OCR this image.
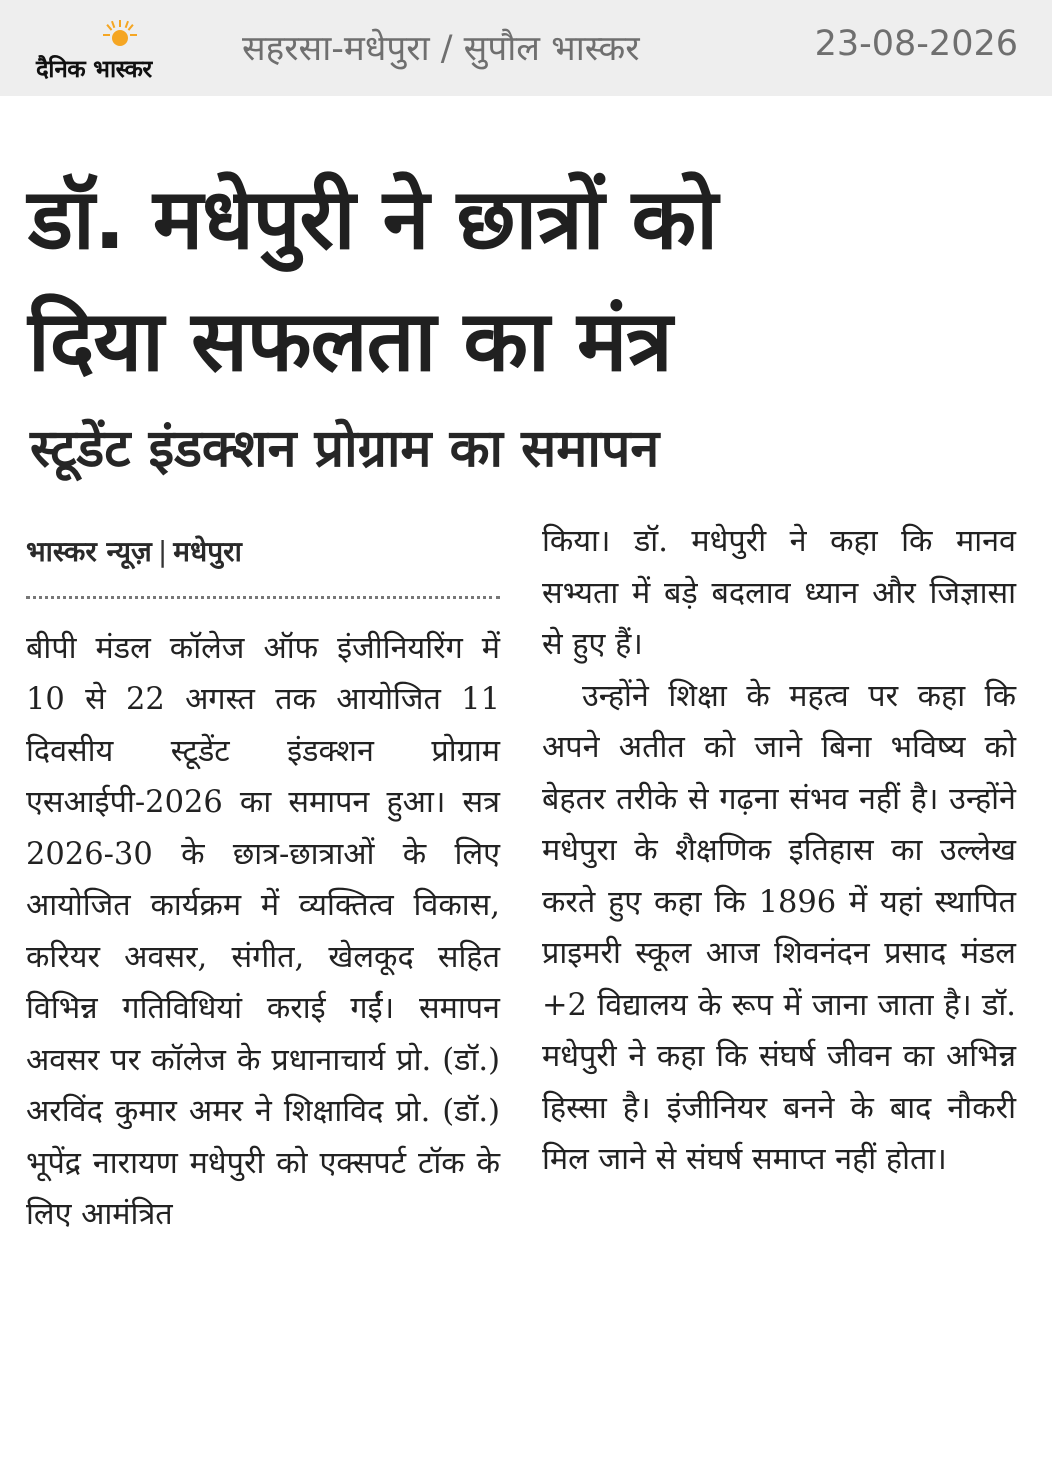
दैनिक भास्कर	सहरसा-मधेपुरा / सुपौल भास्कर	23-08-2026
डॉ. मधेपुरी ने छात्रों को
दिया सफलता का मंत्र
स्टूडेंट इंडक्शन प्रोग्राम का समापन
भास्कर न्यूज़ | मधेपुरा

बीपी मंडल कॉलेज ऑफ इंजीनियरिंग में 10 से 22 अगस्त तक आयोजित 11 दिवसीय स्टूडेंट इंडक्शन प्रोग्राम एसआईपी-2026 का समापन हुआ। सत्र 2026-30 के छात्र-छात्राओं के लिए आयोजित कार्यक्रम में व्यक्तित्व विकास, करियर अवसर, संगीत, खेलकूद सहित विभिन्न गतिविधियां कराई गईं। समापन अवसर पर कॉलेज के प्रधानाचार्य प्रो. (डॉ.) अरविंद कुमार अमर ने शिक्षाविद प्रो. (डॉ.) भूपेंद्र नारायण मधेपुरी को एक्सपर्ट टॉक के लिए आमंत्रित

किया। डॉ. मधेपुरी ने कहा कि मानव सभ्यता में बड़े बदलाव ध्यान और जिज्ञासा से हुए हैं।

उन्होंने शिक्षा के महत्व पर कहा कि अपने अतीत को जाने बिना भविष्य को बेहतर तरीके से गढ़ना संभव नहीं है। उन्होंने मधेपुरा के शैक्षणिक इतिहास का उल्लेख करते हुए कहा कि 1896 में यहां स्थापित प्राइमरी स्कूल आज शिवनंदन प्रसाद मंडल +2 विद्यालय के रूप में जाना जाता है। डॉ. मधेपुरी ने कहा कि संघर्ष जीवन का अभिन्न हिस्सा है। इंजीनियर बनने के बाद नौकरी मिल जाने से संघर्ष समाप्त नहीं होता।
